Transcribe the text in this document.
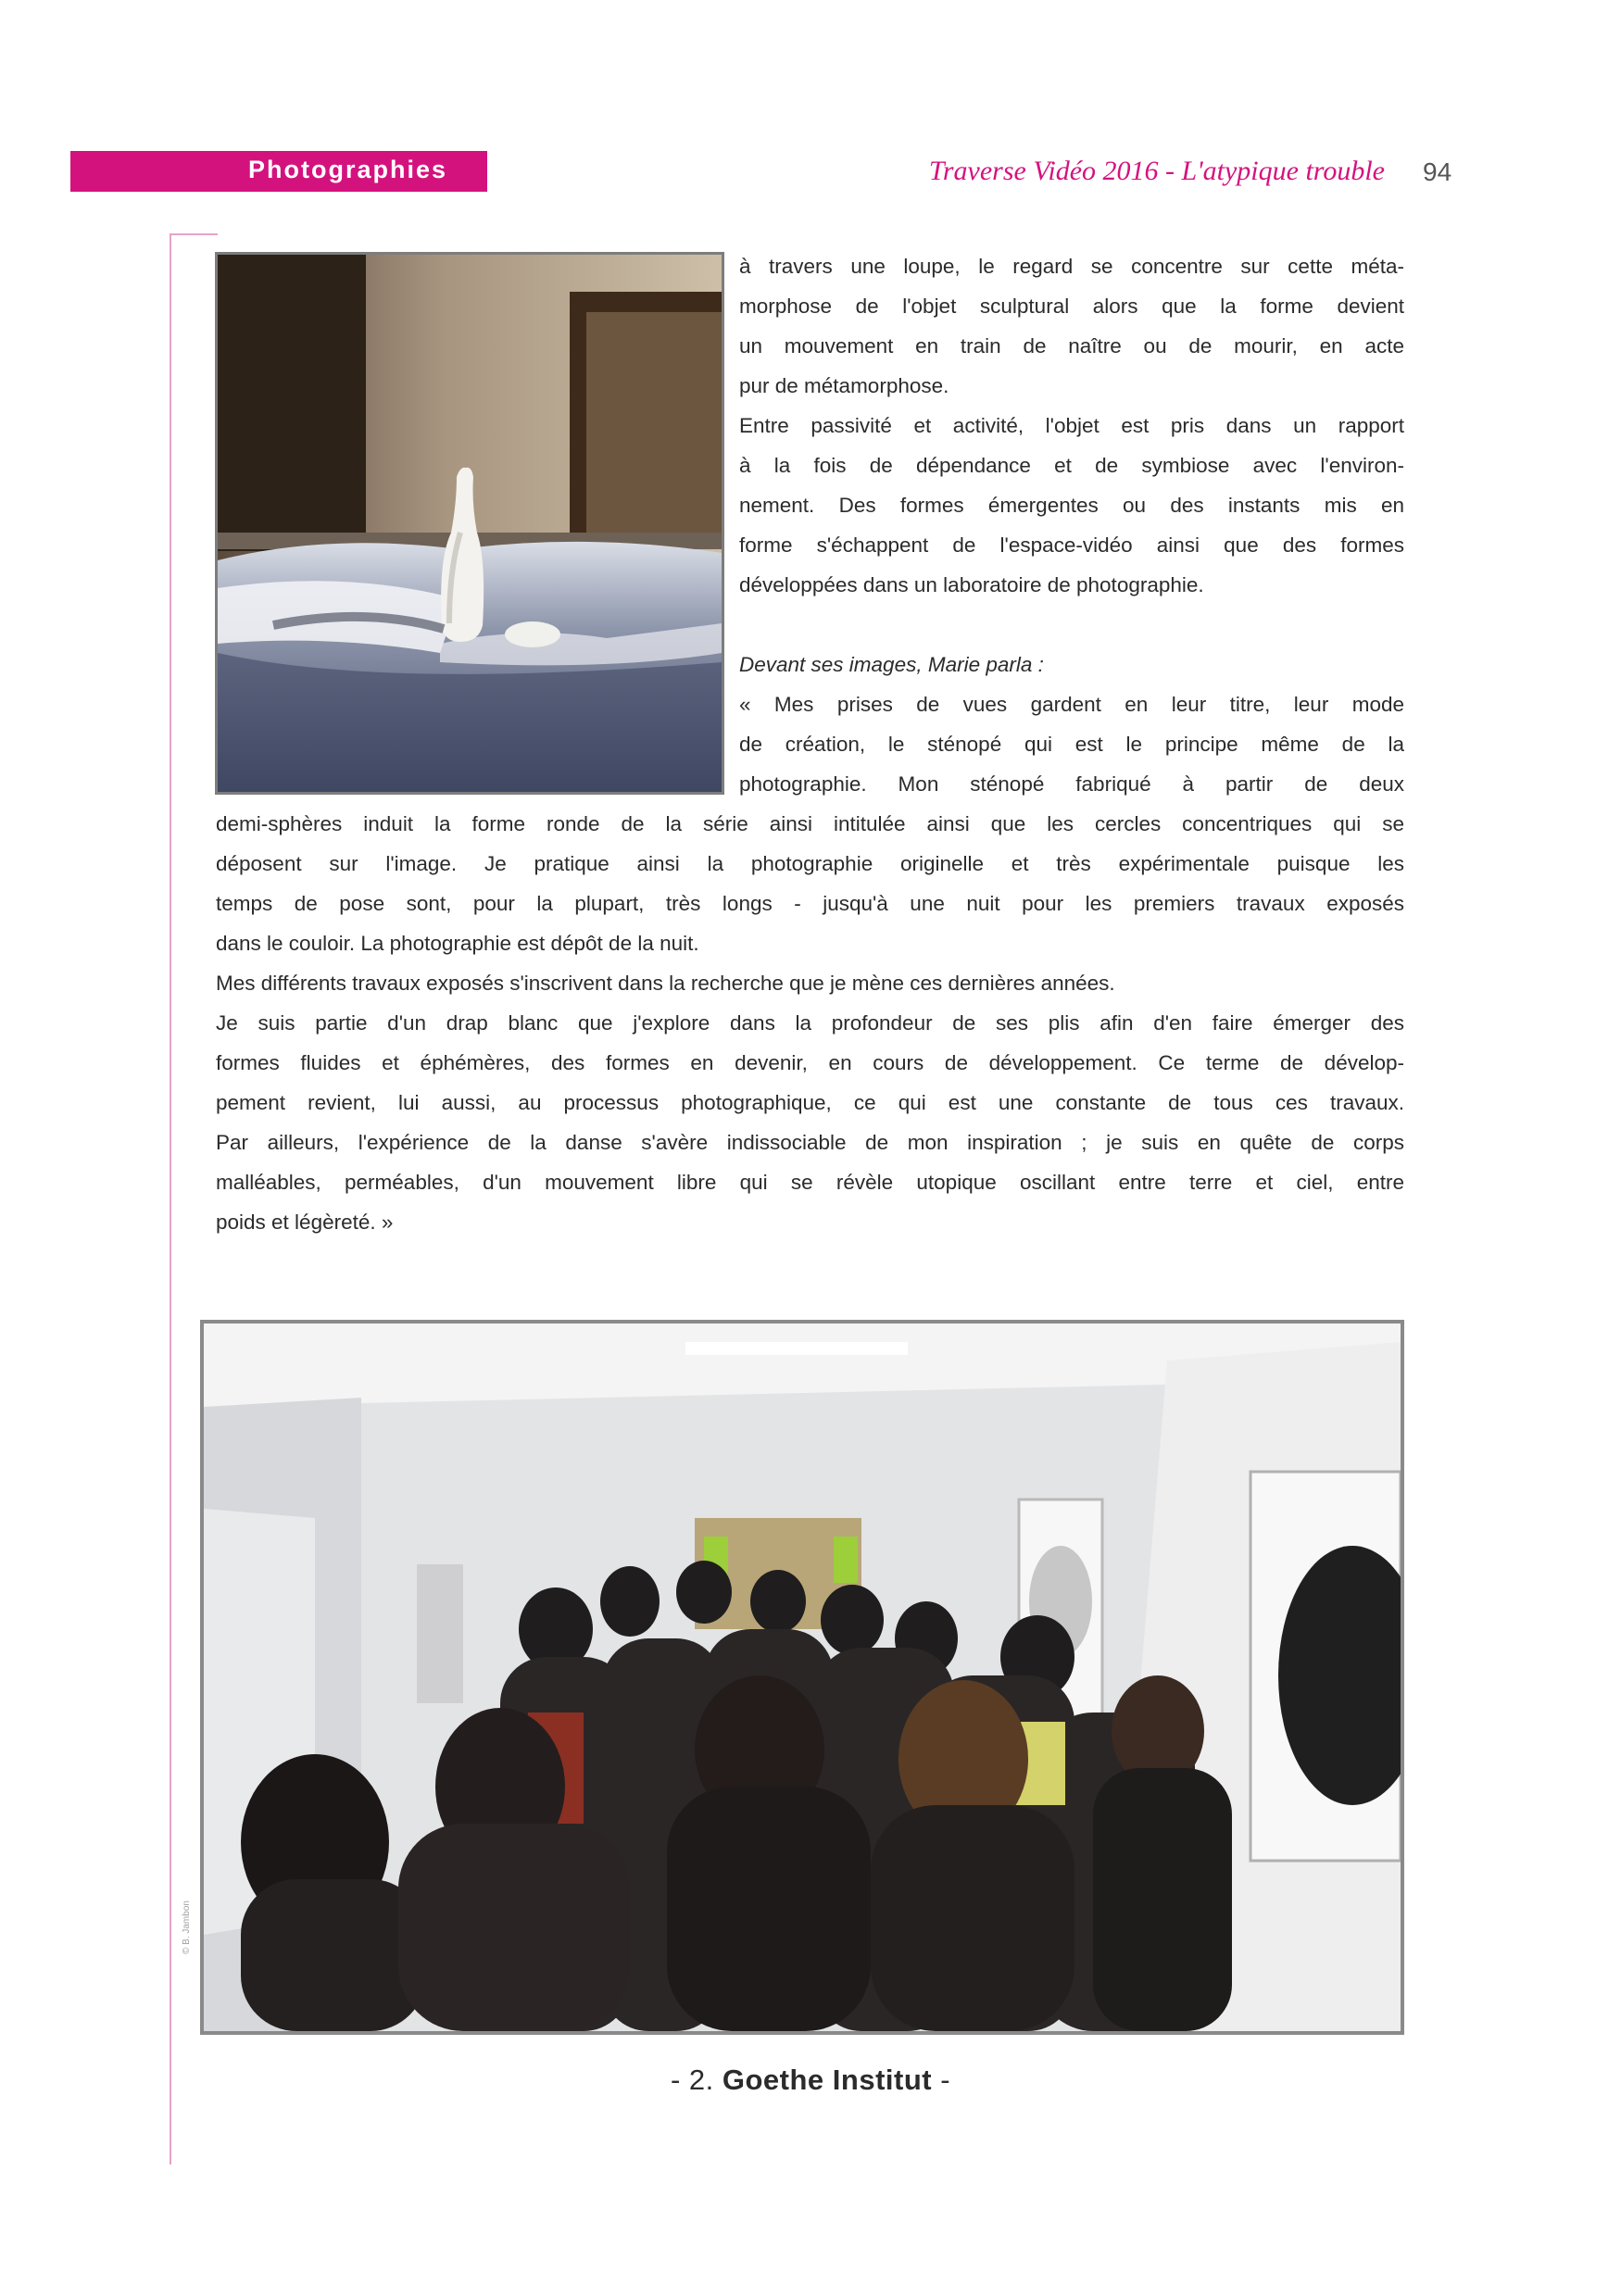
Photographies	Traverse Vidéo 2016 - L'atypique trouble 94
à travers une loupe, le regard se concentre sur cette méta-
morphose de l'objet sculptural alors que la forme devient
un mouvement en train de naître ou de mourir, en acte
pur de métamorphose.
Entre passivité et activité, l'objet est pris dans un rapport
à la fois de dépendance et de symbiose avec l'environ-
nement. Des formes émergentes ou des instants mis en
forme s'échappent de l'espace-vidéo ainsi que des formes
développées dans un laboratoire de photographie.
Devant ses images, Marie parla :
« Mes prises de vues gardent en leur titre, leur mode
de création, le sténopé qui est le principe même de la
photographie. Mon sténopé fabriqué à partir de deux
demi-sphères induit la forme ronde de la série ainsi intitulée ainsi que les cercles concentriques qui se
déposent sur l'image. Je pratique ainsi la photographie originelle et très expérimentale puisque les
temps de pose sont, pour la plupart, très longs - jusqu'à une nuit pour les premiers travaux exposés
dans le couloir. La photographie est dépôt de la nuit.
Mes différents travaux exposés s'inscrivent dans la recherche que je mène ces dernières années.
Je suis partie d'un drap blanc que j'explore dans la profondeur de ses plis afin d'en faire émerger des
formes fluides et éphémères, des formes en devenir, en cours de développement. Ce terme de dévelop-
pement revient, lui aussi, au processus photographique, ce qui est une constante de tous ces travaux.
Par ailleurs, l'expérience de la danse s'avère indissociable de mon inspiration ; je suis en quête de corps
malléables, perméables, d'un mouvement libre qui se révèle utopique oscillant entre terre et ciel, entre
poids et légèreté. »
© B. Jambon
- 2. Goethe Institut -
